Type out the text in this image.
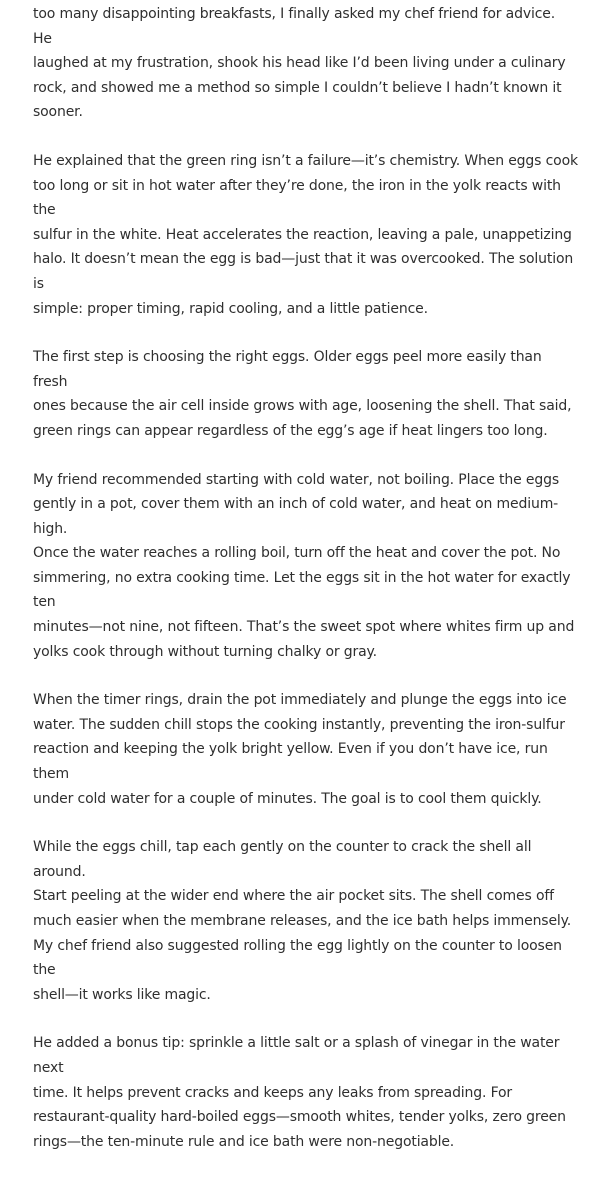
too many disappointing breakfasts, I finally asked my chef friend for advice. He
laughed at my frustration, shook his head like I’d been living under a culinary
rock, and showed me a method so simple I couldn’t believe I hadn’t known it
sooner.

He explained that the green ring isn’t a failure—it’s chemistry. When eggs cook
too long or sit in hot water after they’re done, the iron in the yolk reacts with the
sulfur in the white. Heat accelerates the reaction, leaving a pale, unappetizing
halo. It doesn’t mean the egg is bad—just that it was overcooked. The solution is
simple: proper timing, rapid cooling, and a little patience.

The first step is choosing the right eggs. Older eggs peel more easily than fresh
ones because the air cell inside grows with age, loosening the shell. That said,
green rings can appear regardless of the egg’s age if heat lingers too long.

My friend recommended starting with cold water, not boiling. Place the eggs
gently in a pot, cover them with an inch of cold water, and heat on medium-high.
Once the water reaches a rolling boil, turn off the heat and cover the pot. No
simmering, no extra cooking time. Let the eggs sit in the hot water for exactly ten
minutes—not nine, not fifteen. That’s the sweet spot where whites firm up and
yolks cook through without turning chalky or gray.

When the timer rings, drain the pot immediately and plunge the eggs into ice
water. The sudden chill stops the cooking instantly, preventing the iron-sulfur
reaction and keeping the yolk bright yellow. Even if you don’t have ice, run them
under cold water for a couple of minutes. The goal is to cool them quickly.

While the eggs chill, tap each gently on the counter to crack the shell all around.
Start peeling at the wider end where the air pocket sits. The shell comes off
much easier when the membrane releases, and the ice bath helps immensely.
My chef friend also suggested rolling the egg lightly on the counter to loosen the
shell—it works like magic.

He added a bonus tip: sprinkle a little salt or a splash of vinegar in the water next
time. It helps prevent cracks and keeps any leaks from spreading. For
restaurant-quality hard-boiled eggs—smooth whites, tender yolks, zero green
rings—the ten-minute rule and ice bath were non-negotiable.
